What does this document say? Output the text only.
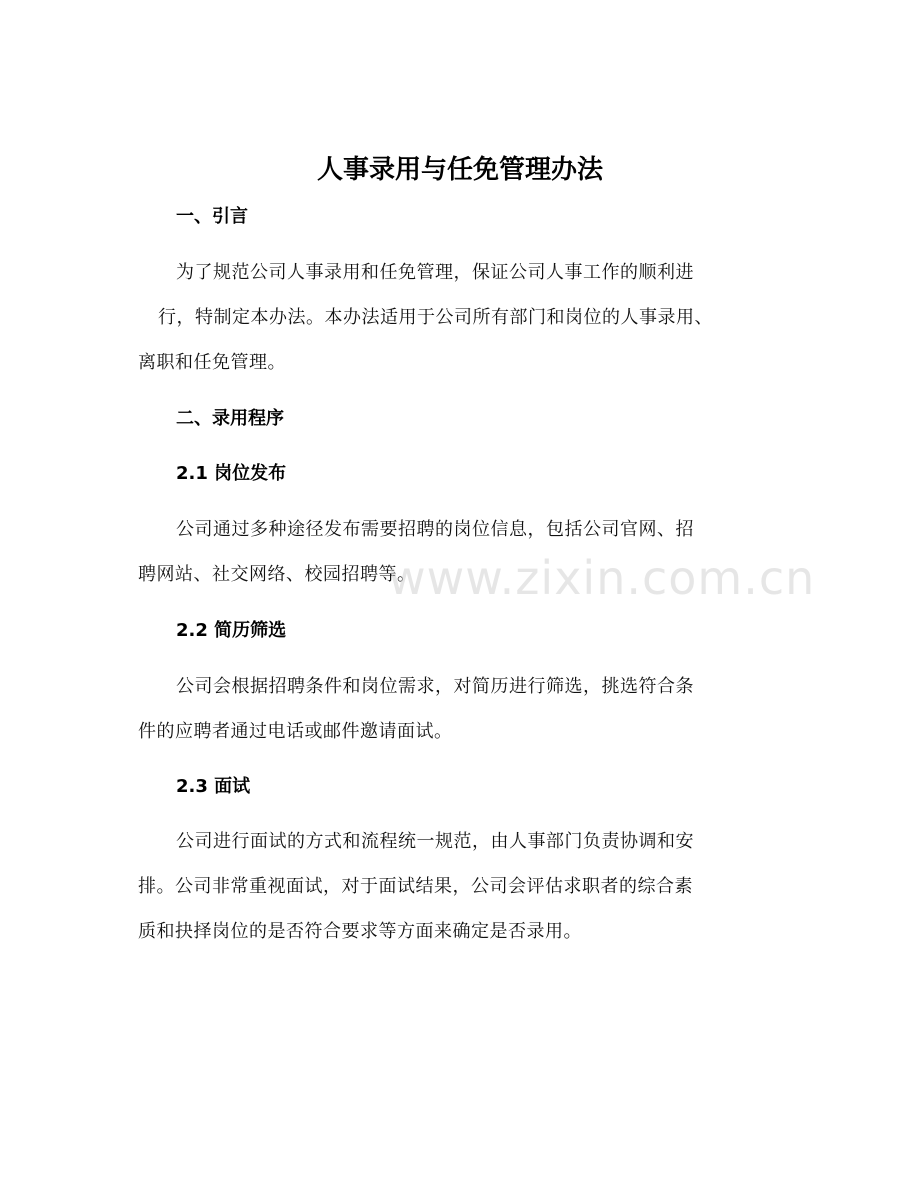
人事录用与任免管理办法
一、引言

为了规范公司人事录用和任免管理，保证公司人事工作的顺利进
行，特制定本办法。本办法适用于公司所有部门和岗位的人事录用、
离职和任免管理。

二、录用程序
2.1 岗位发布

公司通过多种途径发布需要招聘的岗位信息，包括公司官网、招
聘网站、社交网络、校园招聘等。

2.2 简历筛选

公司会根据招聘条件和岗位需求，对简历进行筛选，挑选符合条
件的应聘者通过电话或邮件邀请面试。

2.3 面试

公司进行面试的方式和流程统一规范，由人事部门负责协调和安
排。公司非常重视面试，对于面试结果，公司会评估求职者的综合素
质和抉择岗位的是否符合要求等方面来确定是否录用。

www.zixin.com.cn
